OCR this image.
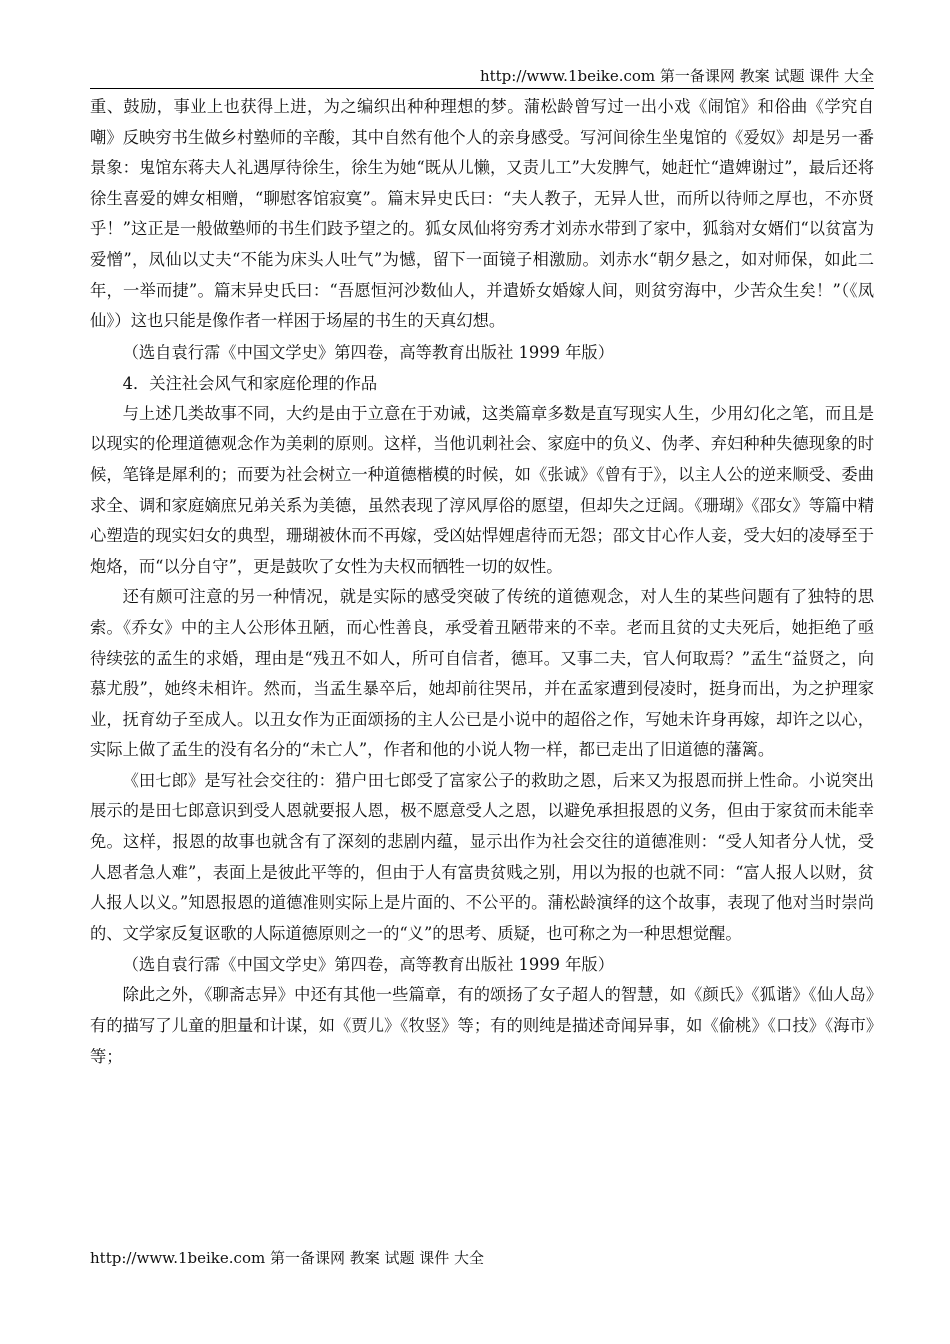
http://www.1beike.com 第一备课网 教案 试题 课件 大全

重、鼓励，事业上也获得上进，为之编织出种种理想的梦。蒲松龄曾写过一出小戏《闹馆》和俗曲《学究自嘲》反映穷书生做乡村塾师的辛酸，其中自然有他个人的亲身感受。写河间徐生坐鬼馆的《爱奴》却是另一番景象：鬼馆东蒋夫人礼遇厚待徐生，徐生为她“既从儿懒，又责儿工”大发脾气，她赶忙“遣婢谢过”，最后还将徐生喜爱的婢女相赠，“聊慰客馆寂寞”。篇末异史氏曰：“夫人教子，无异人世，而所以待师之厚也，不亦贤乎！”这正是一般做塾师的书生们跂予望之的。狐女凤仙将穷秀才刘赤水带到了家中，狐翁对女婿们“以贫富为爱憎”，凤仙以丈夫“不能为床头人吐气”为憾，留下一面镜子相激励。刘赤水“朝夕悬之，如对师保，如此二年，一举而捷”。篇末异史氏曰：“吾愿恒河沙数仙人，并遣娇女婚嫁人间，则贫穷海中，少苦众生矣！”（《凤仙》）这也只能是像作者一样困于场屋的书生的天真幻想。

（选自袁行霈《中国文学史》第四卷，高等教育出版社 1999 年版）

4．关注社会风气和家庭伦理的作品

与上述几类故事不同，大约是由于立意在于劝诫，这类篇章多数是直写现实人生，少用幻化之笔，而且是以现实的伦理道德观念作为美刺的原则。这样，当他讥刺社会、家庭中的负义、伪孝、弃妇种种失德现象的时候，笔锋是犀利的；而要为社会树立一种道德楷模的时候，如《张诚》《曾有于》，以主人公的逆来顺受、委曲求全、调和家庭嫡庶兄弟关系为美德，虽然表现了淳风厚俗的愿望，但却失之迂阔。《珊瑚》《邵女》等篇中精心塑造的现实妇女的典型，珊瑚被休而不再嫁，受凶姑悍娌虐待而无怨；邵文甘心作人妾，受大妇的凌辱至于炮烙，而“以分自守”，更是鼓吹了女性为夫权而牺牲一切的奴性。

还有颇可注意的另一种情况，就是实际的感受突破了传统的道德观念，对人生的某些问题有了独特的思索。《乔女》中的主人公形体丑陋，而心性善良，承受着丑陋带来的不幸。老而且贫的丈夫死后，她拒绝了亟待续弦的孟生的求婚，理由是“残丑不如人，所可自信者，德耳。又事二夫，官人何取焉？”孟生“益贤之，向慕尤殷”，她终未相许。然而，当孟生暴卒后，她却前往哭吊，并在孟家遭到侵凌时，挺身而出，为之护理家业，抚育幼子至成人。以丑女作为正面颂扬的主人公已是小说中的超俗之作，写她未许身再嫁，却许之以心，实际上做了孟生的没有名分的“未亡人”，作者和他的小说人物一样，都已走出了旧道德的藩篱。

《田七郎》是写社会交往的：猎户田七郎受了富家公子的救助之恩，后来又为报恩而拼上性命。小说突出展示的是田七郎意识到受人恩就要报人恩，极不愿意受人之恩，以避免承担报恩的义务，但由于家贫而未能幸免。这样，报恩的故事也就含有了深刻的悲剧内蕴，显示出作为社会交往的道德准则：“受人知者分人忧，受人恩者急人难”，表面上是彼此平等的，但由于人有富贵贫贱之别，用以为报的也就不同：“富人报人以财，贫人报人以义。”知恩报恩的道德准则实际上是片面的、不公平的。蒲松龄演绎的这个故事，表现了他对当时崇尚的、文学家反复讴歌的人际道德原则之一的“义”的思考、质疑，也可称之为一种思想觉醒。

（选自袁行霈《中国文学史》第四卷，高等教育出版社 1999 年版）

除此之外，《聊斋志异》中还有其他一些篇章，有的颂扬了女子超人的智慧，如《颜氏》《狐谐》《仙人岛》有的描写了儿童的胆量和计谋，如《贾儿》《牧竖》等；有的则纯是描述奇闻异事，如《偷桃》《口技》《海市》等；

http://www.1beike.com 第一备课网 教案 试题 课件 大全
